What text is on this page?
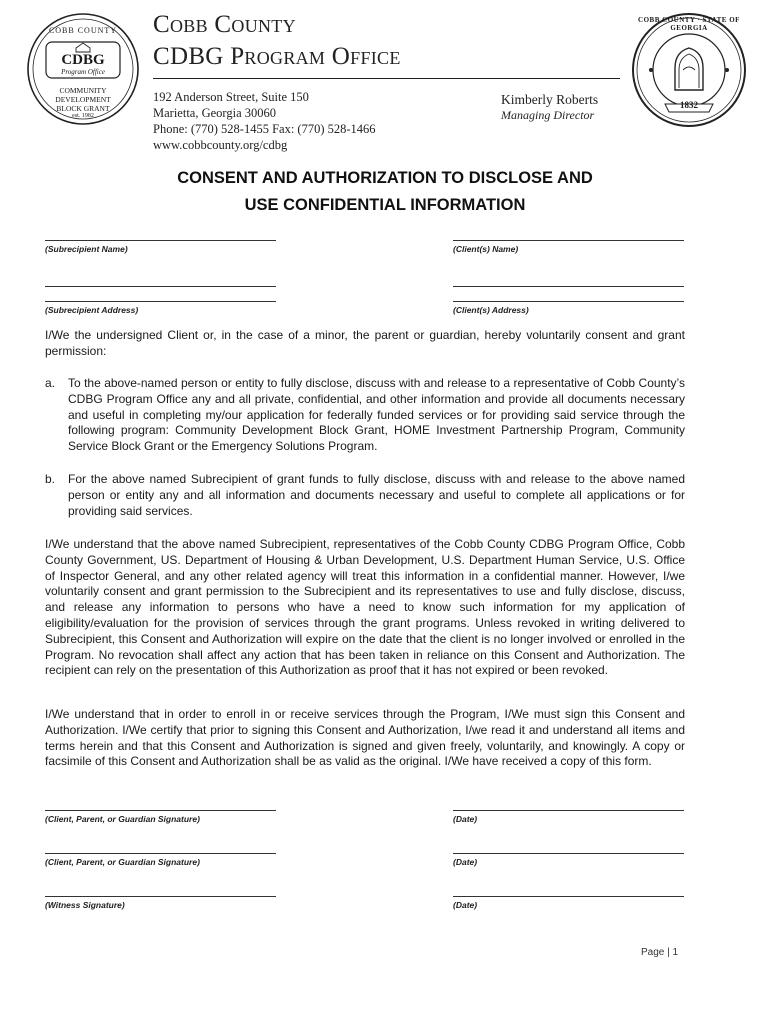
COBB COUNTY
CDBG
Program Office
COMMUNITY
DEVELOPMENT
BLOCK GRANT
est. 1982
Cobb County
CDBG Program Office
192 Anderson Street, Suite 150
Marietta, Georgia 30060
Phone: (770) 528-1455 Fax: (770) 528-1466
www.cobbcounty.org/cdbg
Kimberly Roberts
Managing Director
COBB COUNTY · STATE OF GEORGIA
1832
CONSENT AND AUTHORIZATION TO DISCLOSE AND
USE CONFIDENTIAL INFORMATION
(Subrecipient Name)	(Client(s) Name)
(Subrecipient Address)	(Client(s) Address)
I/We the undersigned Client or, in the case of a minor, the parent or guardian, hereby voluntarily consent and grant permission:
a. To the above-named person or entity to fully disclose, discuss with and release to a representative of Cobb County’s CDBG Program Office any and all private, confidential, and other information and provide all documents necessary and useful in completing my/our application for federally funded services or for providing said service through the following program: Community Development Block Grant, HOME Investment Partnership Program, Community Service Block Grant or the Emergency Solutions Program.
b. For the above named Subrecipient of grant funds to fully disclose, discuss with and release to the above named person or entity any and all information and documents necessary and useful to complete all applications or for providing said services.
I/We understand that the above named Subrecipient, representatives of the Cobb County CDBG Program Office, Cobb County Government, US. Department of Housing & Urban Development, U.S. Department Human Service, U.S. Office of Inspector General, and any other related agency will treat this information in a confidential manner. However, I/we voluntarily consent and grant permission to the Subrecipient and its representatives to use and fully disclose, discuss, and release any information to persons who have a need to know such information for my application of eligibility/evaluation for the provision of services through the grant programs. Unless revoked in writing delivered to Subrecipient, this Consent and Authorization will expire on the date that the client is no longer involved or enrolled in the Program. No revocation shall affect any action that has been taken in reliance on this Consent and Authorization. The recipient can rely on the presentation of this Authorization as proof that it has not expired or been revoked.
I/We understand that in order to enroll in or receive services through the Program, I/We must sign this Consent and Authorization. I/We certify that prior to signing this Consent and Authorization, I/we read it and understand all items and terms herein and that this Consent and Authorization is signed and given freely, voluntarily, and knowingly. A copy or facsimile of this Consent and Authorization shall be as valid as the original. I/We have received a copy of this form.
(Client, Parent, or Guardian Signature)	(Date)
(Client, Parent, or Guardian Signature)	(Date)
(Witness Signature)	(Date)
Page | 1
